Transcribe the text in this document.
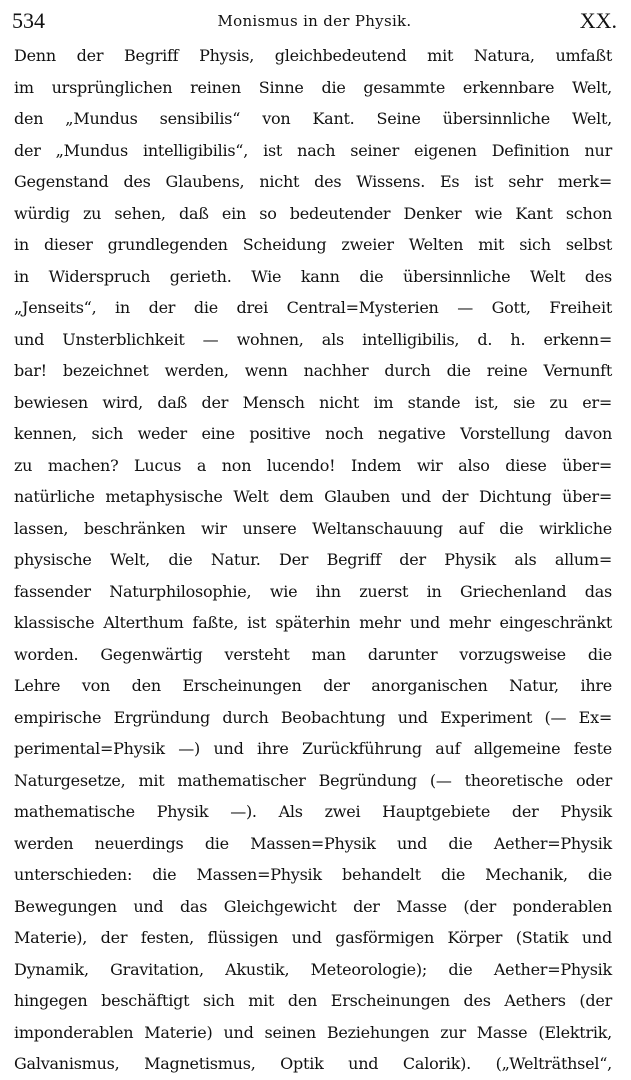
534	Monismus in der Physik.	XX.
Denn der Begriff Physis, gleichbedeutend mit Natura, umfaßt
im ursprünglichen reinen Sinne die gesammte erkennbare Welt,
den „Mundus sensibilis“ von Kant. Seine übersinnliche Welt,
der „Mundus intelligibilis“, ist nach seiner eigenen Definition nur
Gegenstand des Glaubens, nicht des Wissens. Es ist sehr merk=
würdig zu sehen, daß ein so bedeutender Denker wie Kant schon
in dieser grundlegenden Scheidung zweier Welten mit sich selbst
in Widerspruch gerieth. Wie kann die übersinnliche Welt des
„Jenseits“, in der die drei Central=Mysterien — Gott, Freiheit
und Unsterblichkeit — wohnen, als intelligibilis, d. h. erkenn=
bar! bezeichnet werden, wenn nachher durch die reine Vernunft
bewiesen wird, daß der Mensch nicht im stande ist, sie zu er=
kennen, sich weder eine positive noch negative Vorstellung davon
zu machen? Lucus a non lucendo! Indem wir also diese über=
natürliche metaphysische Welt dem Glauben und der Dichtung über=
lassen, beschränken wir unsere Weltanschauung auf die wirkliche
physische Welt, die Natur. Der Begriff der Physik als allum=
fassender Naturphilosophie, wie ihn zuerst in Griechenland das
klassische Alterthum faßte, ist späterhin mehr und mehr eingeschränkt
worden. Gegenwärtig versteht man darunter vorzugsweise die
Lehre von den Erscheinungen der anorganischen Natur, ihre
empirische Ergründung durch Beobachtung und Experiment (— Ex=
perimental=Physik —) und ihre Zurückführung auf allgemeine feste
Naturgesetze, mit mathematischer Begründung (— theoretische oder
mathematische Physik —). Als zwei Hauptgebiete der Physik
werden neuerdings die Massen=Physik und die Aether=Physik
unterschieden: die Massen=Physik behandelt die Mechanik, die
Bewegungen und das Gleichgewicht der Masse (der ponderablen
Materie), der festen, flüssigen und gasförmigen Körper (Statik und
Dynamik, Gravitation, Akustik, Meteorologie); die Aether=Physik
hingegen beschäftigt sich mit den Erscheinungen des Aethers (der
imponderablen Materie) und seinen Beziehungen zur Masse (Elektrik,
Galvanismus, Magnetismus, Optik und Calorik). („Welträthsel“,
